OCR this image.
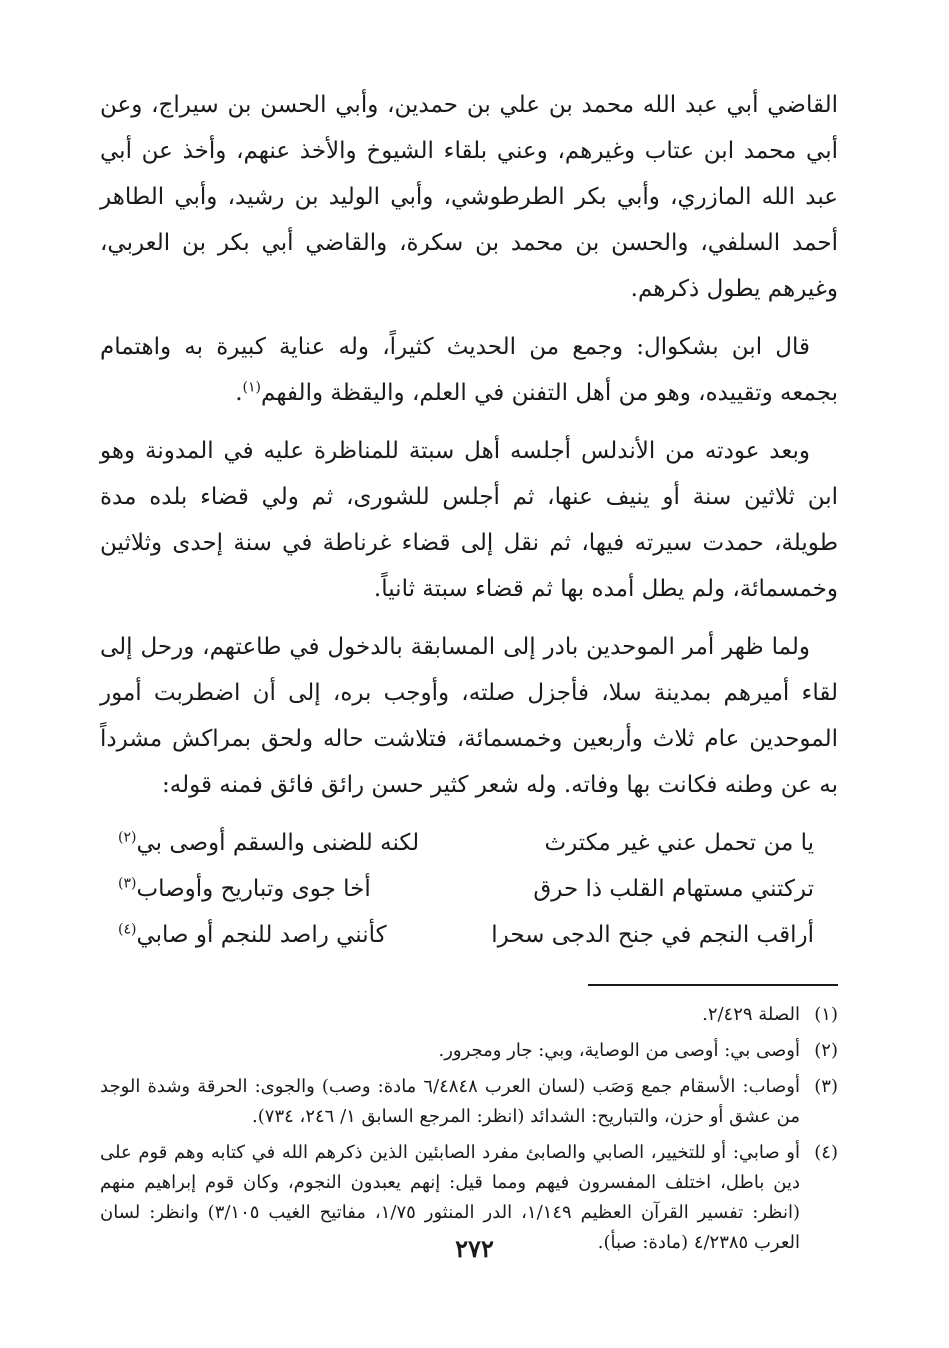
القاضي أبي عبد الله محمد بن علي بن حمدين، وأبي الحسن بن سيراج، وعن أبي محمد ابن عتاب وغيرهم، وعني بلقاء الشيوخ والأخذ عنهم، وأخذ عن أبي عبد الله المازري، وأبي بكر الطرطوشي، وأبي الوليد بن رشيد، وأبي الطاهر أحمد السلفي، والحسن بن محمد بن سكرة، والقاضي أبي بكر بن العربي، وغيرهم يطول ذكرهم.

قال ابن بشكوال: وجمع من الحديث كثيراً، وله عناية كبيرة به واهتمام بجمعه وتقييده، وهو من أهل التفنن في العلم، واليقظة والفهم$^{(١)}$.

وبعد عودته من الأندلس أجلسه أهل سبتة للمناظرة عليه في المدونة وهو ابن ثلاثين سنة أو ينيف عنها، ثم أجلس للشورى، ثم ولي قضاء بلده مدة طويلة، حمدت سيرته فيها، ثم نقل إلى قضاء غرناطة في سنة إحدى وثلاثين وخمسمائة، ولم يطل أمده بها ثم قضاء سبتة ثانياً.

ولما ظهر أمر الموحدين بادر إلى المسابقة بالدخول في طاعتهم، ورحل إلى لقاء أميرهم بمدينة سلا، فأجزل صلته، وأوجب بره، إلى أن اضطربت أمور الموحدين عام ثلاث وأربعين وخمسمائة، فتلاشت حاله ولحق بمراكش مشرداً به عن وطنه فكانت بها وفاته. وله شعر كثير حسن رائق فائق فمنه قوله:

يا من تحمل عني غير مكترث
لكنه للضنى والسقم أوصى بي$^{(٢)}$
تركتني مستهام القلب ذا حرق
أخا جوى وتباريح وأوصاب$^{(٣)}$
أراقب النجم في جنح الدجى سحرا
كأنني راصد للنجم أو صابي$^{(٤)}$
(١)
الصلة ٢/٤٢٩.
(٢)
أوصى بي: أوصى من الوصاية، وبي: جار ومجرور.
(٣)
أوصاب: الأسقام جمع وَصَب (لسان العرب ٦/٤٨٤٨ مادة: وصب) والجوى: الحرقة وشدة الوجد من عشق أو حزن، والتباريح: الشدائد (انظر: المرجع السابق ١/ ٢٤٦، ٧٣٤).
(٤)
أو صابي: أو للتخيير، الصابي والصابئ مفرد الصابئين الذين ذكرهم الله في كتابه وهم قوم على دين باطل، اختلف المفسرون فيهم ومما قيل: إنهم يعبدون النجوم، وكان قوم إبراهيم منهم (انظر: تفسير القرآن العظيم ١/١٤٩، الدر المنثور ١/٧٥، مفاتيح الغيب ٣/١٠٥) وانظر: لسان العرب ٤/٢٣٨٥ (مادة: صبأ).
٢٧٢
